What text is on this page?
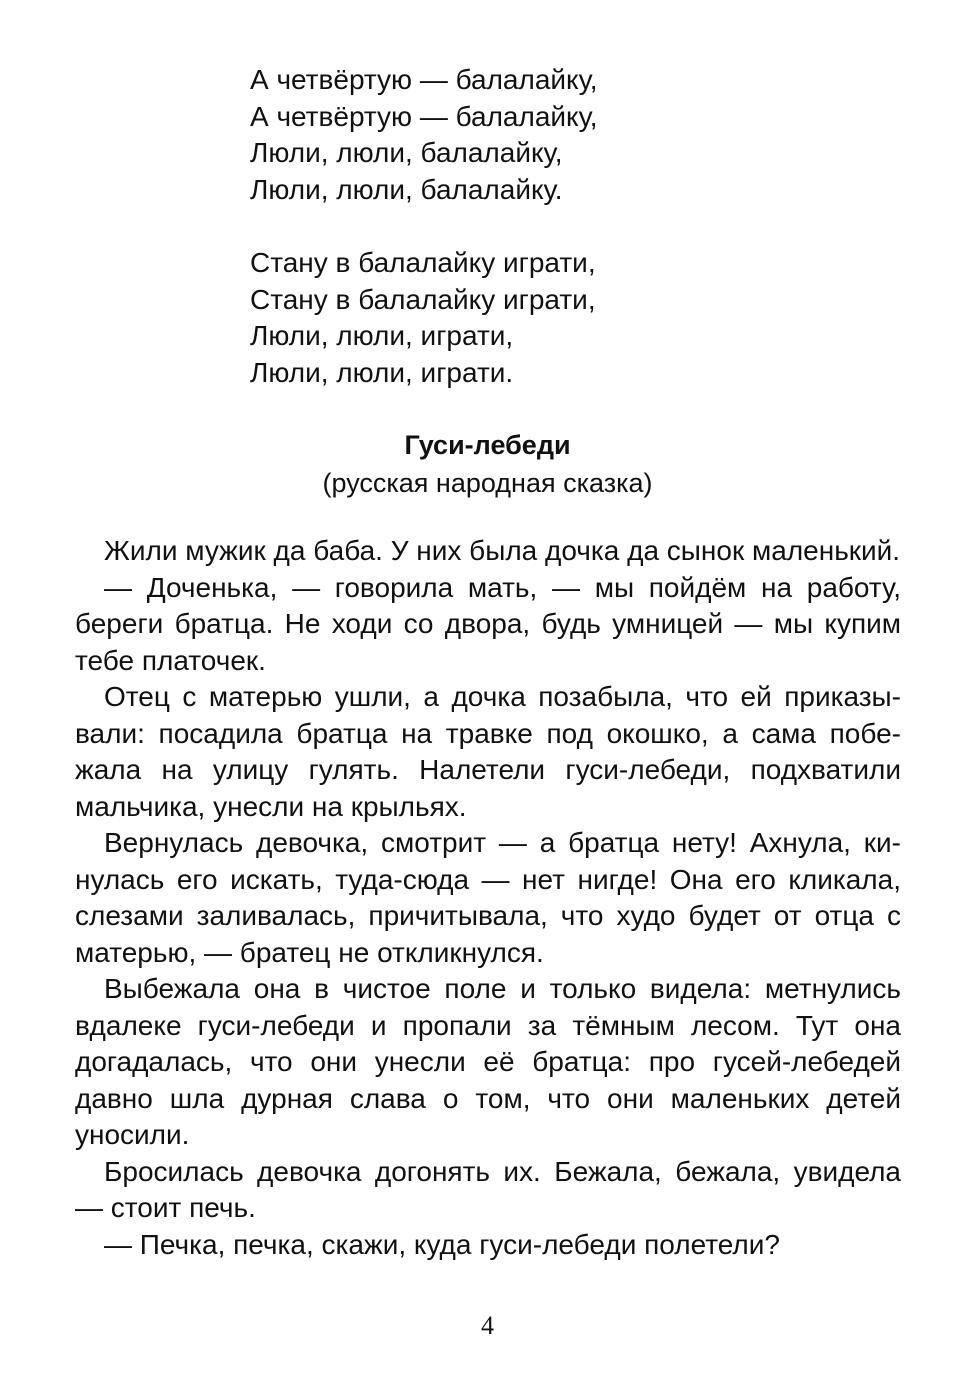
А четвёртую — балалайку,
А четвёртую — балалайку,
Люли, люли, балалайку,
Люли, люли, балалайку.
Стану в балалайку играти,
Стану в балалайку играти,
Люли, люли, играти,
Люли, люли, играти.
Гуси-лебеди
(русская народная сказка)

Жили мужик да баба. У них была дочка да сынок маленький.

— Доченька, — говорила мать, — мы пойдём на работу, береги братца. Не ходи со двора, будь умницей — мы купим тебе платочек.

Отец с матерью ушли, а дочка позабыла, что ей приказывали: посадила братца на травке под окошко, а сама побежала на улицу гулять. Налетели гуси-лебеди, подхватили мальчика, унесли на крыльях.

Вернулась девочка, смотрит — а братца нету! Ахнула, кинулась его искать, туда-сюда — нет нигде! Она его кликала, слезами заливалась, причитывала, что худо будет от отца с матерью, — братец не откликнулся.

Выбежала она в чистое поле и только видела: метнулись вдалеке гуси-лебеди и пропали за тёмным лесом. Тут она догадалась, что они унесли её братца: про гусей-лебедей давно шла дурная слава о том, что они маленьких детей уносили.

Бросилась девочка догонять их. Бежала, бежала, увидела — стоит печь.

— Печка, печка, скажи, куда гуси-лебеди полетели?

4
